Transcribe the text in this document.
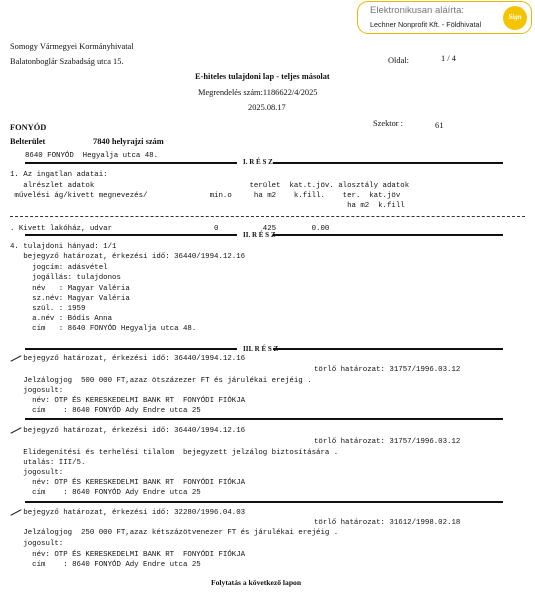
Elektronikusan aláírta:
Lechner Nonprofit Kft. - Földhivatal
Sign
Somogy Vármegyei Kormányhivatal
Balatonboglár Szabadság utca 15.	Oldal:	1 / 4
E-hiteles tulajdoni lap - teljes másolat
Megrendelés szám:1186622/4/2025
2025.08.17
FONYÓD	Szektor :	61
Belterület	7840 helyrajzi szám
8640 FONYÓD  Hegyalja utca 48.
I. R É S Z
1. Az ingatlan adatai:
alrészlet adatok                                   terület  kat.t.jöv. alosztály adatok
művelési ág/kivett megnevezés/              min.o     ha m2    k.fill.    ter.  kat.jöv
ha m2  k.fill
. Kivett lakóház, udvar                       0          425        0.00
II. R É S Z
4. tulajdoni hányad: 1/1
bejegyző határozat, érkezési idő: 36440/1994.12.16
jogcím: adásvétel
jogállás: tulajdonos
név   : Magyar Valéria
sz.név: Magyar Valéria
szül. : 1959
a.név : Bódis Anna
cím   : 8640 FONYÓD Hegyalja utca 48.
III. R É S Z
bejegyző határozat, érkezési idő: 36440/1994.12.16
törlő határozat: 31757/1996.03.12
Jelzálogjog  500 000 FT,azaz ötszázezer FT és járulékai erejéig .
jogosult:
név: OTP ÉS KERESKEDELMI BANK RT  FONYÓDI FIÓKJA
cím    : 8640 FONYÓD Ady Endre utca 25
bejegyző határozat, érkezési idő: 36440/1994.12.16
törlő határozat: 31757/1996.03.12
Elidegenítési és terhelési tilalom  bejegyzett jelzálog biztosítására .
utalás: III/5.
jogosult:
név: OTP ÉS KERESKEDELMI BANK RT  FONYÓDI FIÓKJA
cím    : 8640 FONYÓD Ady Endre utca 25
bejegyző határozat, érkezési idő: 32280/1996.04.03
törlő határozat: 31612/1998.02.18
Jelzálogjog  250 000 FT,azaz kétszázötvenezer FT és járulékai erejéig .
jogosult:
név: OTP ÉS KERESKEDELMI BANK RT  FONYÓDI FIÓKJA
cím    : 8640 FONYÓD Ady Endre utca 25
Folytatás a következő lapon
